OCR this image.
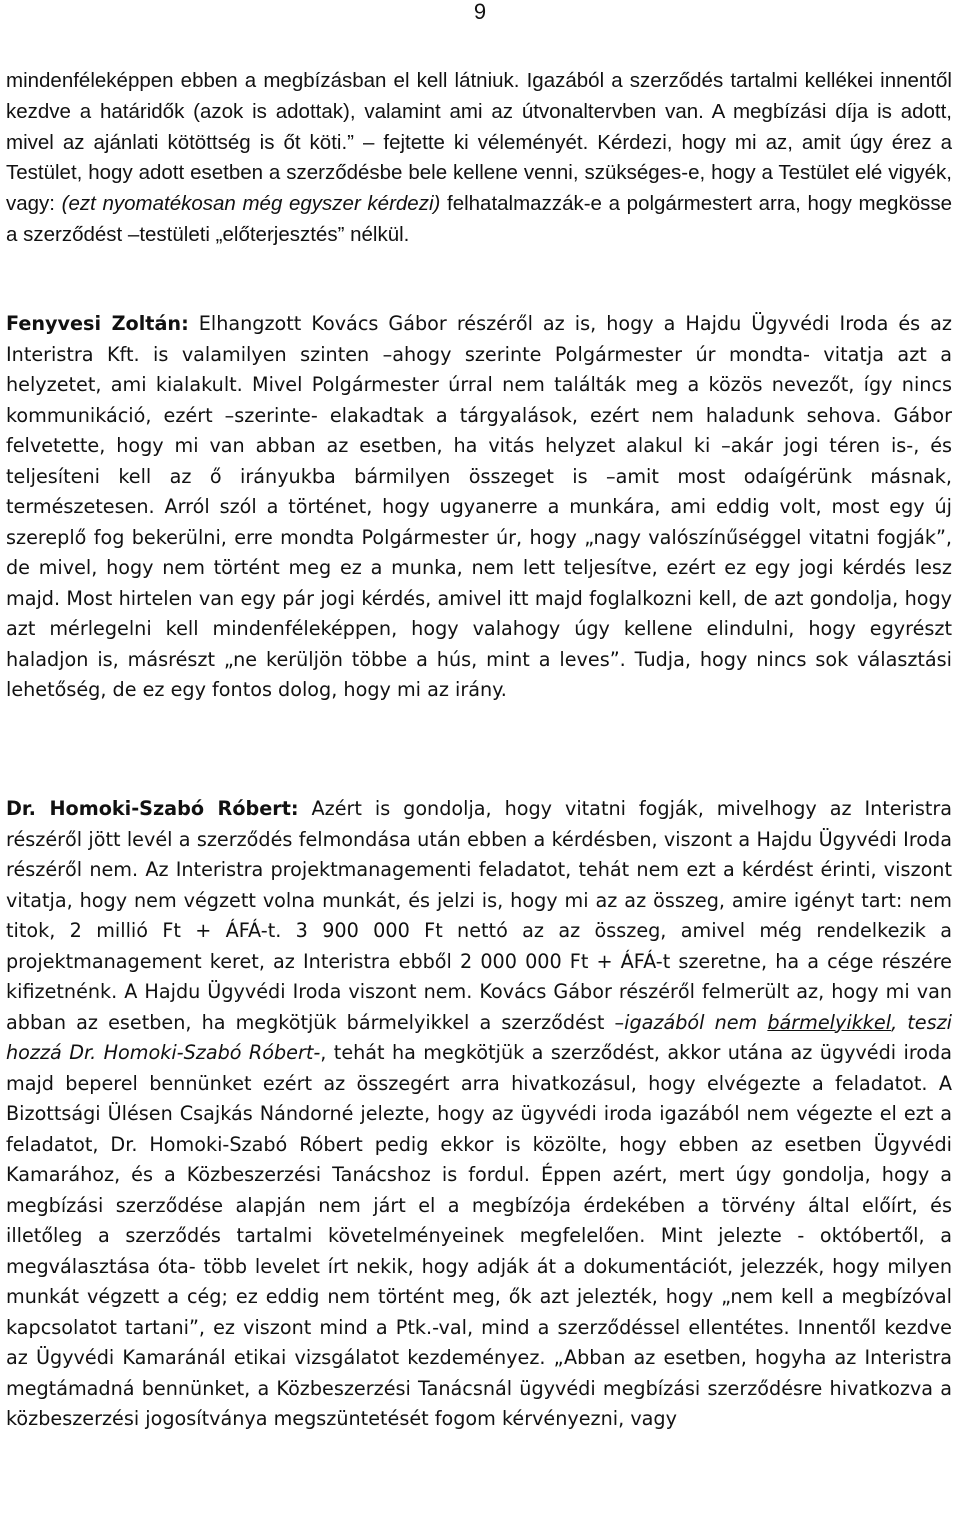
9

mindenféleképpen ebben a megbízásban el kell látniuk. Igazából a szerződés tartalmi kellékei innentől kezdve a határidők (azok is adottak), valamint ami az útvonaltervben van. A megbízási díja is adott, mivel az ajánlati kötöttség is őt köti.” – fejtette ki véleményét. Kérdezi, hogy mi az, amit úgy érez a Testület, hogy adott esetben a szerződésbe bele kellene venni, szükséges-e, hogy a Testület elé vigyék, vagy: (ezt nyomatékosan még egyszer kérdezi) felhatalmazzák-e a polgármestert arra, hogy megkösse a szerződést –testületi „előterjesztés” nélkül.

Fenyvesi Zoltán: Elhangzott Kovács Gábor részéről az is, hogy a Hajdu Ügyvédi Iroda és az Interistra Kft. is valamilyen szinten –ahogy szerinte Polgármester úr mondta- vitatja azt a helyzetet, ami kialakult. Mivel Polgármester úrral nem találták meg a közös nevezőt, így nincs kommunikáció, ezért –szerinte- elakadtak a tárgyalások, ezért nem haladunk sehova. Gábor felvetette, hogy mi van abban az esetben, ha vitás helyzet alakul ki –akár jogi téren is-, és teljesíteni kell az ő irányukba bármilyen összeget is –amit most odaígérünk másnak, természetesen. Arról szól a történet, hogy ugyanerre a munkára, ami eddig volt, most egy új szereplő fog bekerülni, erre mondta Polgármester úr, hogy „nagy valószínűséggel vitatni fogják”, de mivel, hogy nem történt meg ez a munka, nem lett teljesítve, ezért ez egy jogi kérdés lesz majd. Most hirtelen van egy pár jogi kérdés, amivel itt majd foglalkozni kell, de azt gondolja, hogy azt mérlegelni kell mindenféleképpen, hogy valahogy úgy kellene elindulni, hogy egyrészt haladjon is, másrészt „ne kerüljön többe a hús, mint a leves”. Tudja, hogy nincs sok választási lehetőség, de ez egy fontos dolog, hogy mi az irány.

Dr. Homoki-Szabó Róbert: Azért is gondolja, hogy vitatni fogják, mivelhogy az Interistra részéről jött levél a szerződés felmondása után ebben a kérdésben, viszont a Hajdu Ügyvédi Iroda részéről nem. Az Interistra projektmanagementi feladatot, tehát nem ezt a kérdést érinti, viszont vitatja, hogy nem végzett volna munkát, és jelzi is, hogy mi az az összeg, amire igényt tart: nem titok, 2 millió Ft + ÁFÁ-t. 3 900 000 Ft nettó az az összeg, amivel még rendelkezik a projektmanagement keret, az Interistra ebből 2 000 000 Ft + ÁFÁ-t szeretne, ha a cége részére kifizetnénk. A Hajdu Ügyvédi Iroda viszont nem. Kovács Gábor részéről felmerült az, hogy mi van abban az esetben, ha megkötjük bármelyikkel a szerződést –igazából nem bármelyikkel, teszi hozzá Dr. Homoki-Szabó Róbert-, tehát ha megkötjük a szerződést, akkor utána az ügyvédi iroda majd beperel bennünket ezért az összegért arra hivatkozásul, hogy elvégezte a feladatot. A Bizottsági Ülésen Csajkás Nándorné jelezte, hogy az ügyvédi iroda igazából nem végezte el ezt a feladatot, Dr. Homoki-Szabó Róbert pedig ekkor is közölte, hogy ebben az esetben Ügyvédi Kamarához, és a Közbeszerzési Tanácshoz is fordul. Éppen azért, mert úgy gondolja, hogy a megbízási szerződése alapján nem járt el a megbízója érdekében a törvény által előírt, és illetőleg a szerződés tartalmi követelményeinek megfelelően. Mint jelezte - októbertől, a megválasztása óta- több levelet írt nekik, hogy adják át a dokumentációt, jelezzék, hogy milyen munkát végzett a cég; ez eddig nem történt meg, ők azt jelezték, hogy „nem kell a megbízóval kapcsolatot tartani”, ez viszont mind a Ptk.-val, mind a szerződéssel ellentétes. Innentől kezdve az Ügyvédi Kamaránál etikai vizsgálatot kezdeményez. „Abban az esetben, hogyha az Interistra megtámadná bennünket, a Közbeszerzési Tanácsnál ügyvédi megbízási szerződésre hivatkozva a közbeszerzési jogosítványa megszüntetését fogom kérvényezni, vagy
